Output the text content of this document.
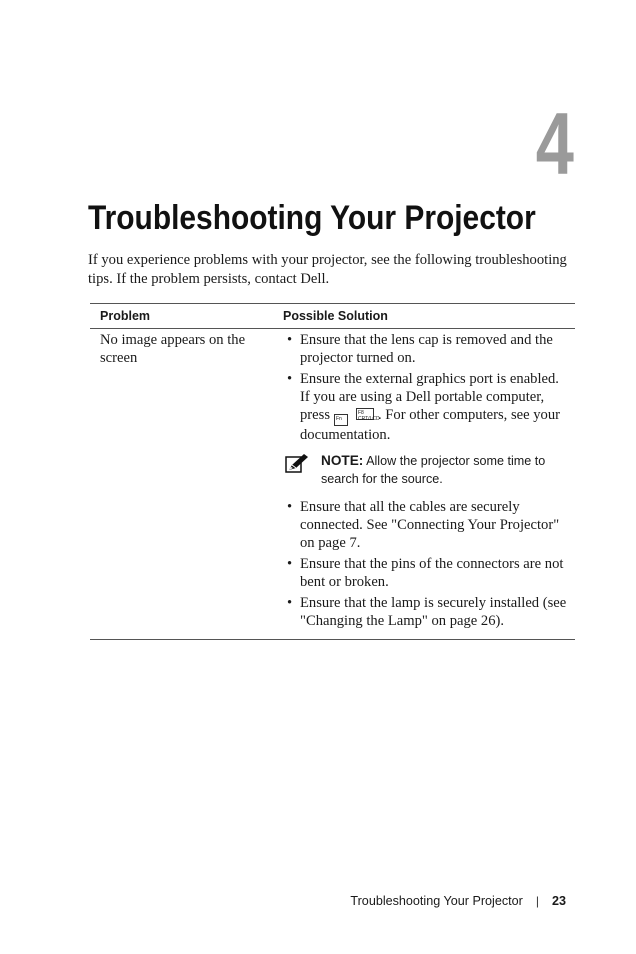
4
Troubleshooting Your Projector

If you experience problems with your projector, see the following troubleshooting tips. If the problem persists, contact Dell.

Problem	Possible Solution
No image appears on the screen
• Ensure that the lens cap is removed and the projector turned on.
• Ensure the external graphics port is enabled. If you are using a Dell portable computer, press FnF8
CRT/LCD. For other computers, see your documentation.
NOTE: Allow the projector some time to search for the source.
• Ensure that all the cables are securely connected. See "Connecting Your Projector" on page 7.
• Ensure that the pins of the connectors are not bent or broken.
• Ensure that the lamp is securely installed (see "Changing the Lamp" on page 26).
Troubleshooting Your Projector | 23
